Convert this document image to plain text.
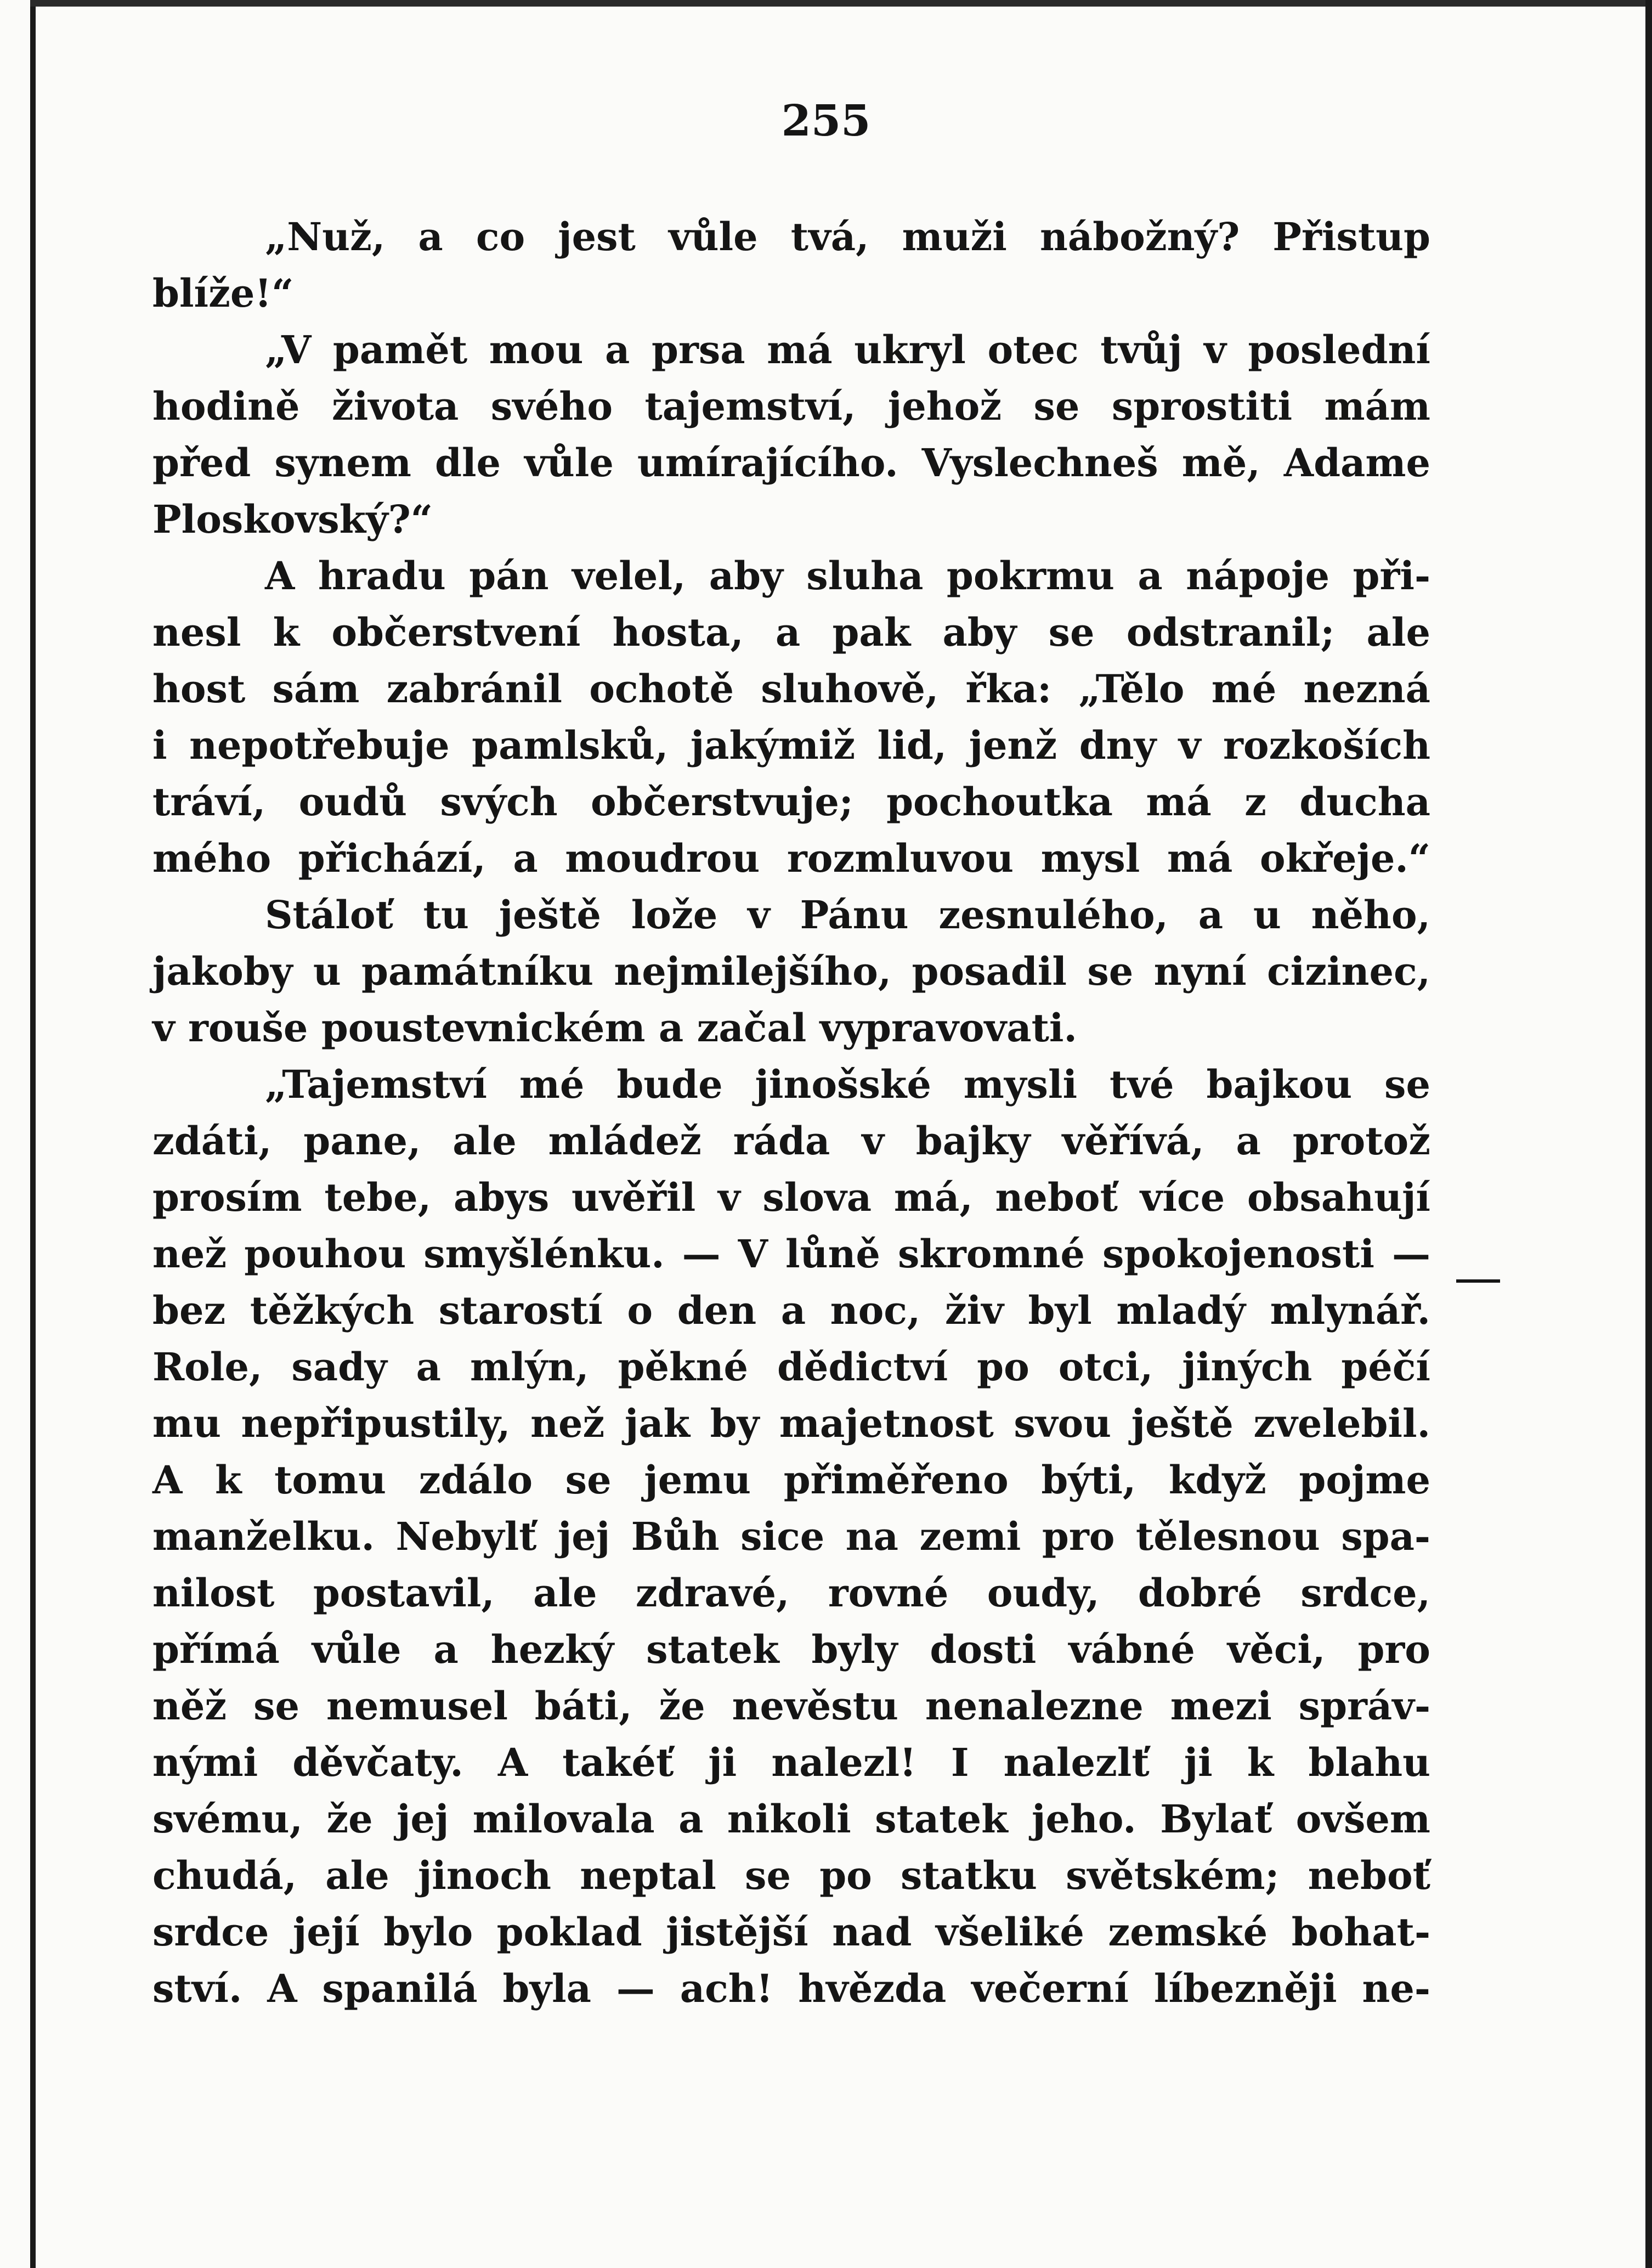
255
„Nuž, a co jest vůle tvá, muži nábožný? Přistup
blíže!“
„V pamět mou a prsa má ukryl otec tvůj v poslední
hodině života svého tajemství, jehož se sprostiti mám
před synem dle vůle umírajícího. Vyslechneš mě, Adame
Ploskovský?“
A hradu pán velel, aby sluha pokrmu a nápoje při-
nesl k občerstvení hosta, a pak aby se odstranil; ale
host sám zabránil ochotě sluhově, řka: „Tělo mé nezná
i nepotřebuje pamlsků, jakýmiž lid, jenž dny v rozkoších
tráví, oudů svých občerstvuje; pochoutka má z ducha
mého přichází, a moudrou rozmluvou mysl má okřeje.“
Stáloť tu ještě lože v Pánu zesnulého, a u něho,
jakoby u památníku nejmilejšího, posadil se nyní cizinec,
v rouše poustevnickém a začal vypravovati.
„Tajemství mé bude jinošské mysli tvé bajkou se
zdáti, pane, ale mládež ráda v bajky věřívá, a protož
prosím tebe, abys uvěřil v slova má, neboť více obsahují
než pouhou smyšlénku. — V lůně skromné spokojenosti —
bez těžkých starostí o den a noc, živ byl mladý mlynář.
Role, sady a mlýn, pěkné dědictví po otci, jiných péčí
mu nepřipustily, než jak by majetnost svou ještě zvelebil.
A k tomu zdálo se jemu přiměřeno býti, když pojme
manželku. Nebylť jej Bůh sice na zemi pro tělesnou spa-
nilost postavil, ale zdravé, rovné oudy, dobré srdce,
přímá vůle a hezký statek byly dosti vábné věci, pro
něž se nemusel báti, že nevěstu nenalezne mezi správ-
nými děvčaty. A takéť ji nalezl! I nalezlť ji k blahu
svému, že jej milovala a nikoli statek jeho. Bylať ovšem
chudá, ale jinoch neptal se po statku světském; neboť
srdce její bylo poklad jistější nad všeliké zemské bohat-
ství. A spanilá byla — ach! hvězda večerní líbezněji ne-
